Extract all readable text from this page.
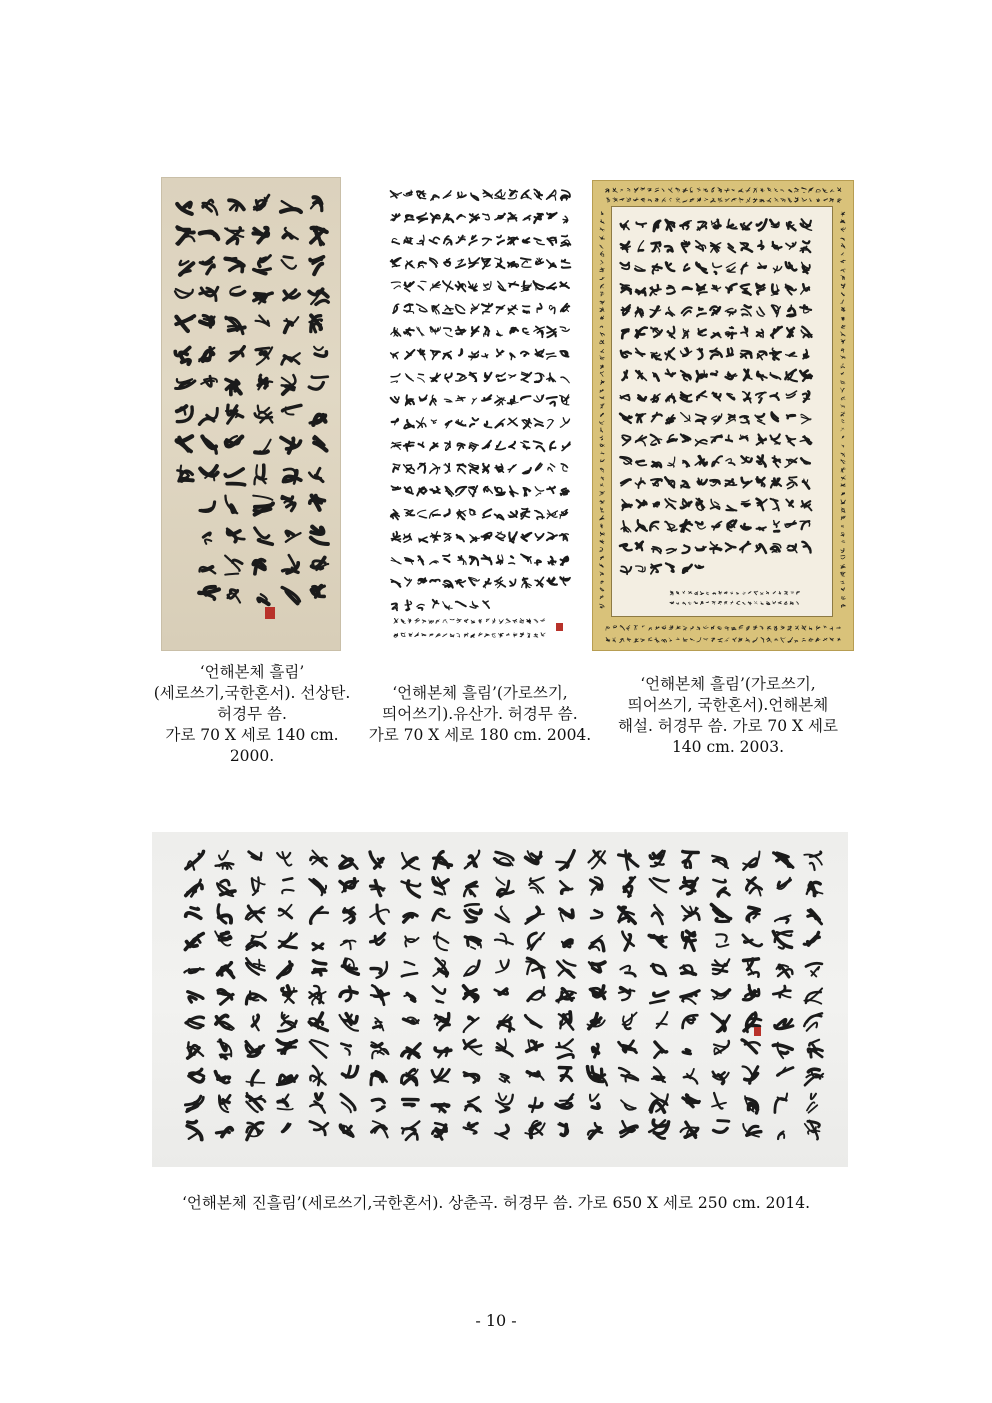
‘언해본체 흘림’
(세로쓰기,국한혼서). 선상탄.
허경무 씀.
가로 70 X 세로 140 cm.
2000.
‘언해본체 흘림’(가로쓰기,
띄어쓰기).유산가. 허경무 씀.
가로 70 X 세로 180 cm. 2004.
‘언해본체 흘림’(가로쓰기,
띄어쓰기, 국한혼서).언해본체
해설. 허경무 씀. 가로 70 X 세로
140 cm. 2003.
‘언해본체 진흘림’(세로쓰기,국한혼서). 상춘곡. 허경무 씀. 가로 650 X 세로 250 cm. 2014.
- 10 -
